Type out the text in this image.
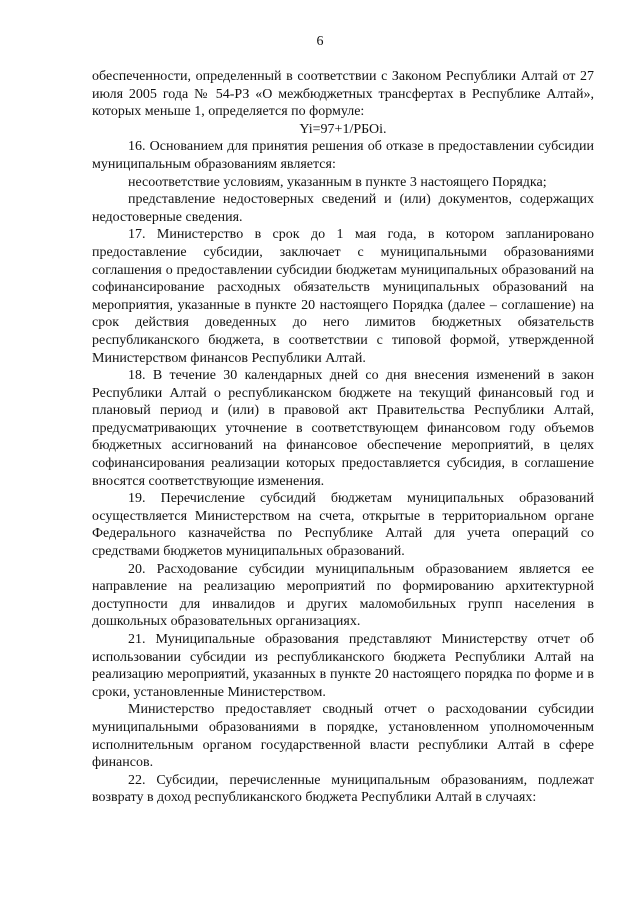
6

обеспеченности, определенный в соответствии с Законом Республики Алтай от 27 июля 2005 года № 54-РЗ «О межбюджетных трансфертах в Республике Алтай», которых меньше 1, определяется по формуле:

Yi=97+1/РБОi.

16. Основанием для принятия решения об отказе в предоставлении субсидии муниципальным образованиям является:

несоответствие условиям, указанным в пункте 3 настоящего Порядка;

представление недостоверных сведений и (или) документов, содержащих недостоверные сведения.

17. Министерство в срок до 1 мая года, в котором запланировано предоставление субсидии, заключает с муниципальными образованиями соглашения о предоставлении субсидии бюджетам муниципальных образований на софинансирование расходных обязательств муниципальных образований на мероприятия, указанные в пункте 20 настоящего Порядка (далее – соглашение) на срок действия доведенных до него лимитов бюджетных обязательств республиканского бюджета, в соответствии с типовой формой, утвержденной Министерством финансов Республики Алтай.

18. В течение 30 календарных дней со дня внесения изменений в закон Республики Алтай о республиканском бюджете на текущий финансовый год и плановый период и (или) в правовой акт Правительства Республики Алтай, предусматривающих уточнение в соответствующем финансовом году объемов бюджетных ассигнований на финансовое обеспечение мероприятий, в целях софинансирования реализации которых предоставляется субсидия, в соглашение вносятся соответствующие изменения.

19. Перечисление субсидий бюджетам муниципальных образований осуществляется Министерством на счета, открытые в территориальном органе Федерального казначейства по Республике Алтай для учета операций со средствами бюджетов муниципальных образований.

20. Расходование субсидии муниципальным образованием является ее направление на реализацию мероприятий по формированию архитектурной доступности для инвалидов и других маломобильных групп населения в дошкольных образовательных организациях.

21. Муниципальные образования представляют Министерству отчет об использовании субсидии из республиканского бюджета Республики Алтай на реализацию мероприятий, указанных в пункте 20 настоящего порядка по форме и в сроки, установленные Министерством.

Министерство предоставляет сводный отчет о расходовании субсидии муниципальными образованиями в порядке, установленном уполномоченным исполнительным органом государственной власти республики Алтай в сфере финансов.

22. Субсидии, перечисленные муниципальным образованиям, подлежат возврату в доход республиканского бюджета Республики Алтай в случаях:
